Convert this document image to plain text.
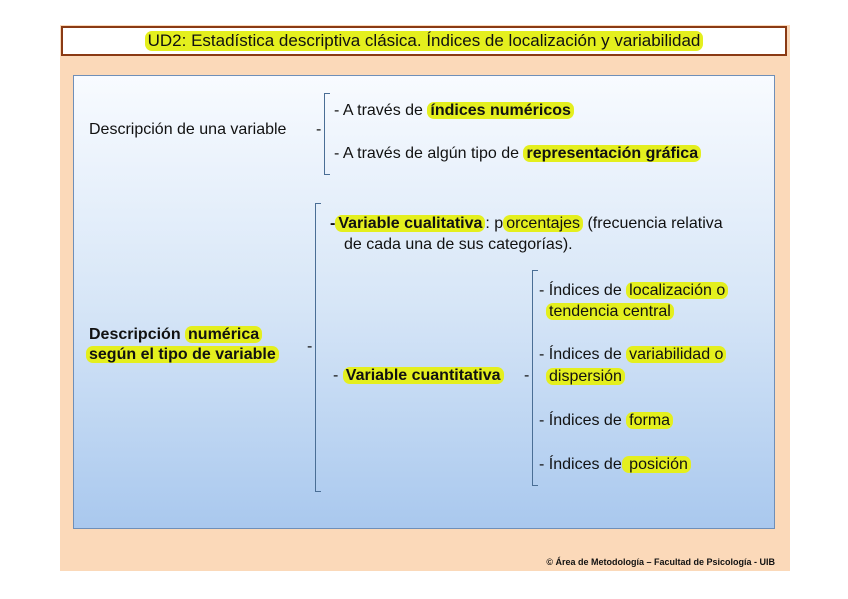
UD2: Estadística descriptiva clásica. Índices de localización y variabilidad
Descripción de una variable -
- A través de índices numéricos
- A través de algún tipo de representación gráfica
Descripción numérica
según el tipo de variable -
- Variable cualitativa : p orcentajes (frecuencia relativa
de cada una de sus categorías).
- Variable cuantitativa -
- Índices de localización o
tendencia central
- Índices de variabilidad o
dispersión
- Índices de forma
- Índices de posición
© Área de Metodología – Facultad de Psicología - UIB
